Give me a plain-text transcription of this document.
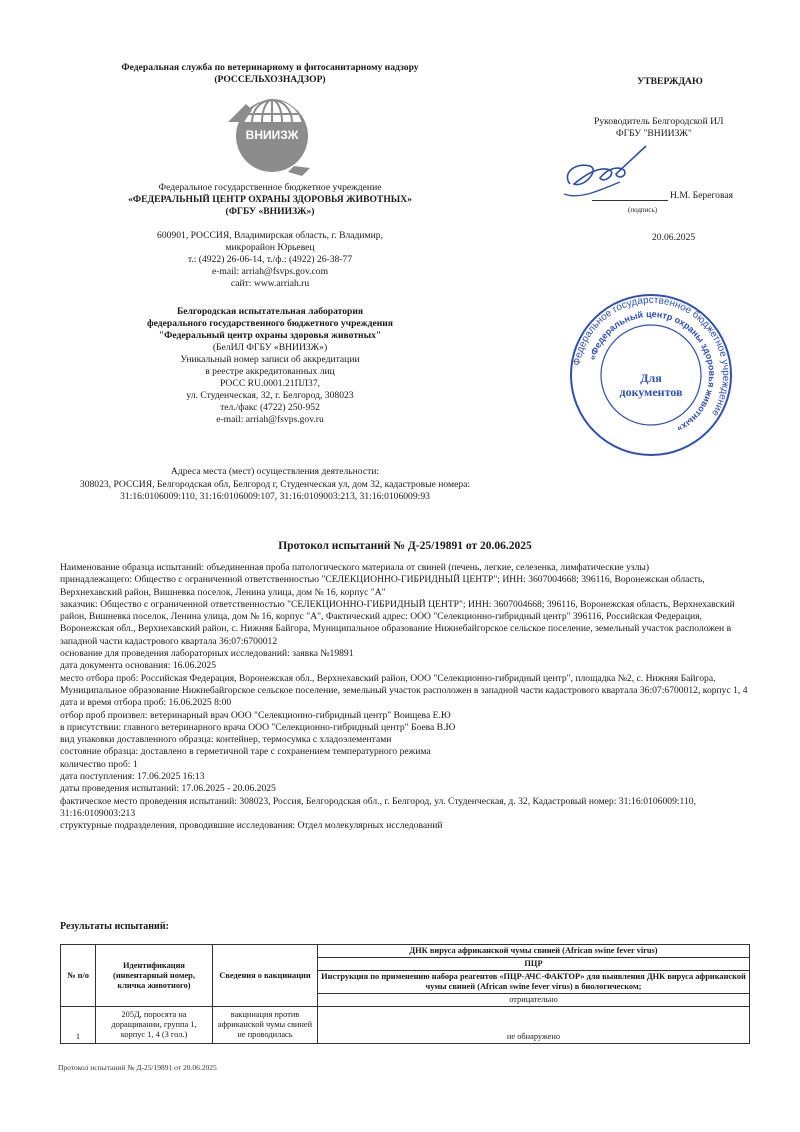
Федеральная служба по ветеринарному и фитосанитарному надзору
(РОССЕЛЬХОЗНАДЗОР)
ВНИИЗЖ
Федеральное государственное бюджетное учреждение
«ФЕДЕРАЛЬНЫЙ ЦЕНТР ОХРАНЫ ЗДОРОВЬЯ ЖИВОТНЫХ»
(ФГБУ «ВНИИЗЖ»)
600901, РОССИЯ, Владимирская область, г. Владимир,
микрорайон Юрьевец
т.: (4922) 26-06-14, т./ф.: (4922) 26-38-77
e-mail: arriah@fsvps.gov.com
сайт: www.arriah.ru
Белгородская испытательная лаборатория
федерального государственного бюджетного учреждения
"Федеральный центр охраны здоровья животных"
(БелИЛ ФГБУ «ВНИИЗЖ»)
Уникальный номер записи об аккредитации
в реестре аккредитованных лиц
РОСС RU.0001.21ПЛ37,
ул. Студенческая, 32, г. Белгород, 308023
тел./факс (4722) 250-952
e-mail: arriah@fsvps.gov.ru
УТВЕРЖДАЮ
Руководитель Белгородской ИЛ
ФГБУ "ВНИИЗЖ"
Н.М. Береговая
(подпись)
20.06.2025
Федеральное государственное бюджетное учреждение
«Федеральный центр охраны здоровья животных»
Для
документов
Адреса места (мест) осуществления деятельности:
308023, РОССИЯ, Белгородская обл, Белгород г, Студенческая ул, дом 32, кадастровые номера:
31:16:0106009:110, 31:16:0106009:107, 31:16:0109003:213, 31:16:0106009:93
Протокол испытаний № Д-25/19891 от 20.06.2025

Наименование образца испытаний: объединенная проба патологического материала от свиней (печень, легкие, селезенка, лимфатические узлы)

принадлежащего: Общество с ограниченной ответственностью "СЕЛЕКЦИОННО-ГИБРИДНЫЙ ЦЕНТР"; ИНН: 3607004668; 396116, Воронежская область, Верхнехавский район, Вишневка поселок, Ленина улица, дом № 16, корпус "А"

заказчик: Общество с ограниченной ответственностью "СЕЛЕКЦИОННО-ГИБРИДНЫЙ ЦЕНТР"; ИНН: 3607004668; 396116, Воронежская область, Верхнехавский район, Вишневка поселок, Ленина улица, дом № 16, корпус "А", Фактический адрес: ООО "Селекционно-гибридный центр" 396116, Российская Федерация, Воронежская обл., Верхнехавский район, с. Нижняя Байгора, Муниципальное образование Нижнебайгорское сельское поселение, земельный участок расположен в западной части кадастрового квартала 36:07:6700012

основание для проведения лабораторных исследований: заявка №19891

дата документа основания: 16.06.2025

место отбора проб: Российская Федерация, Воронежская обл., Верхнехавский район, ООО "Селекционно-гибридный центр", площадка №2, с. Нижняя Байгора, Муниципальное образование Нижнебайгорское сельское поселение, земельный участок расположен в западной части кадастрового квартала 36:07:6700012, корпус 1, 4

дата и время отбора проб: 16.06.2025 8:00

отбор проб произвел: ветеринарный врач ООО "Селекционно-гибридный центр" Воищева Е.Ю

в присутствии: главного ветеринарного врача ООО "Селекционно-гибридный центр" Боева В.Ю

вид упаковки доставленного образца: контейнер, термосумка с хладоэлементами

состояние образца: доставлено в герметичной таре с сохранением температурного режима

количество проб: 1

дата поступления: 17.06.2025 16:13

даты проведения испытаний: 17.06.2025 - 20.06.2025

фактическое место проведения испытаний: 308023, Россия, Белгородская обл., г. Белгород, ул. Студенческая, д. 32, Кадастровый номер: 31:16:0106009:110, 31:16:0109003:213

структурные подразделения, проводившие исследования: Отдел молекулярных исследований

Результаты испытаний:
№ п/о	Идентификация (инвентарный номер, кличка животного)	Сведения о вакцинации	ДНК вируса африканской чумы свиней (African swine fever virus)
			ПЦР
			Инструкция по применению набора реагентов «ПЦР-АЧС-ФАКТОР» для выявления ДНК вируса африканской чумы свиней (African swine fever virus) в биологическом;
			отрицательно
1	205Д, поросята на доращивании, группа 1, корпус 1, 4 (3 гол.)	вакцинация против африканской чумы свиней не проводилась	не обнаружено
Протокол испытаний № Д-25/19891 от 20.06.2025
